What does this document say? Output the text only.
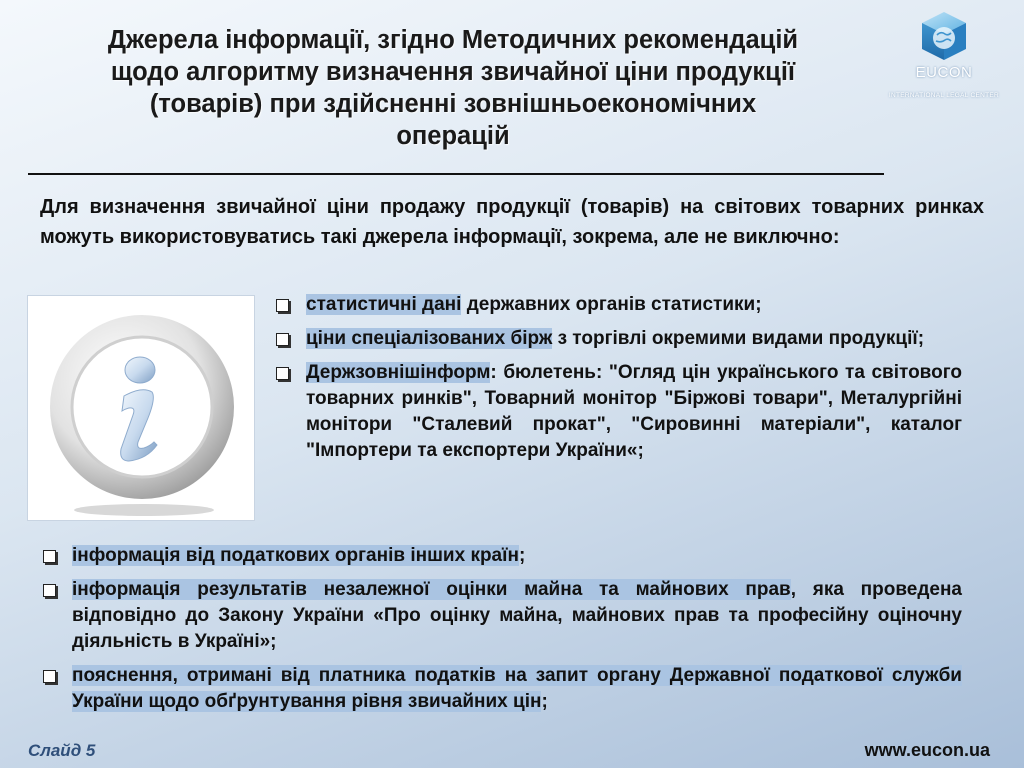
Джерела інформації, згідно Методичних рекомендацій
щодо алгоритму визначення звичайної ціни продукції
(товарів) при здійсненні зовнішньоекономічних
операцій
EUCON
INTERNATIONAL LEGAL CENTER
Для визначення звичайної ціни продажу продукції (товарів) на світових товарних ринках можуть використовуватись такі джерела інформації, зокрема, але не виключно:
статистичні дані державних органів статистики;
ціни спеціалізованих бірж з торгівлі окремими видами продукції;
Держзовнішінформ: бюлетень: "Огляд цін українського та світового товарних ринків", Товарний монітор "Біржові товари", Металургійні монітори "Сталевий прокат", "Сировинні матеріали", каталог "Імпортери та експортери України«;
інформація від податкових органів інших країн;
інформація результатів незалежної оцінки майна та майнових прав, яка проведена відповідно до Закону України «Про оцінку майна, майнових прав та професійну оціночну діяльність в Україні»;
пояснення, отримані від платника податків на запит органу Державної податкової служби України щодо обґрунтування рівня звичайних цін;
Слайд 5	www.eucon.ua
